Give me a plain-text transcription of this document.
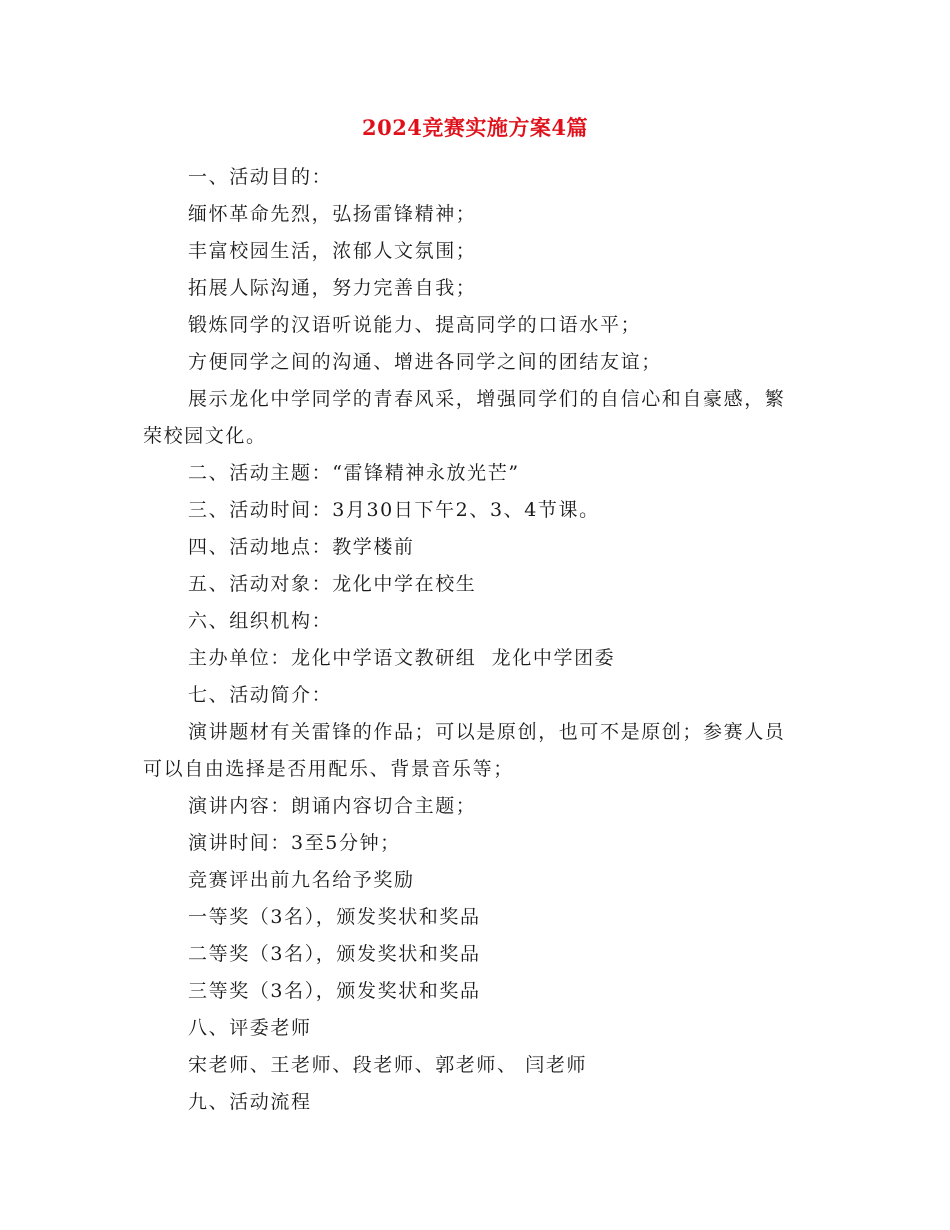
2024竞赛实施方案4篇

一、活动目的：

缅怀革命先烈，弘扬雷锋精神；

丰富校园生活，浓郁人文氛围；

拓展人际沟通，努力完善自我；

锻炼同学的汉语听说能力、提高同学的口语水平；

方便同学之间的沟通、增进各同学之间的团结友谊；

展示龙化中学同学的青春风采，增强同学们的自信心和自豪感，繁荣校园文化。

二、活动主题：“雷锋精神永放光芒”

三、活动时间：3月30日下午2、3、4节课。

四、活动地点：教学楼前

五、活动对象：龙化中学在校生

六、组织机构：

主办单位：龙化中学语文教研组  龙化中学团委

七、活动简介：

演讲题材有关雷锋的作品；可以是原创，也可不是原创；参赛人员可以自由选择是否用配乐、背景音乐等；

演讲内容：朗诵内容切合主题；

演讲时间：3至5分钟；

竞赛评出前九名给予奖励

一等奖（3名），颁发奖状和奖品

二等奖（3名），颁发奖状和奖品

三等奖（3名），颁发奖状和奖品

八、评委老师

宋老师、王老师、段老师、郭老师、 闫老师

九、活动流程
